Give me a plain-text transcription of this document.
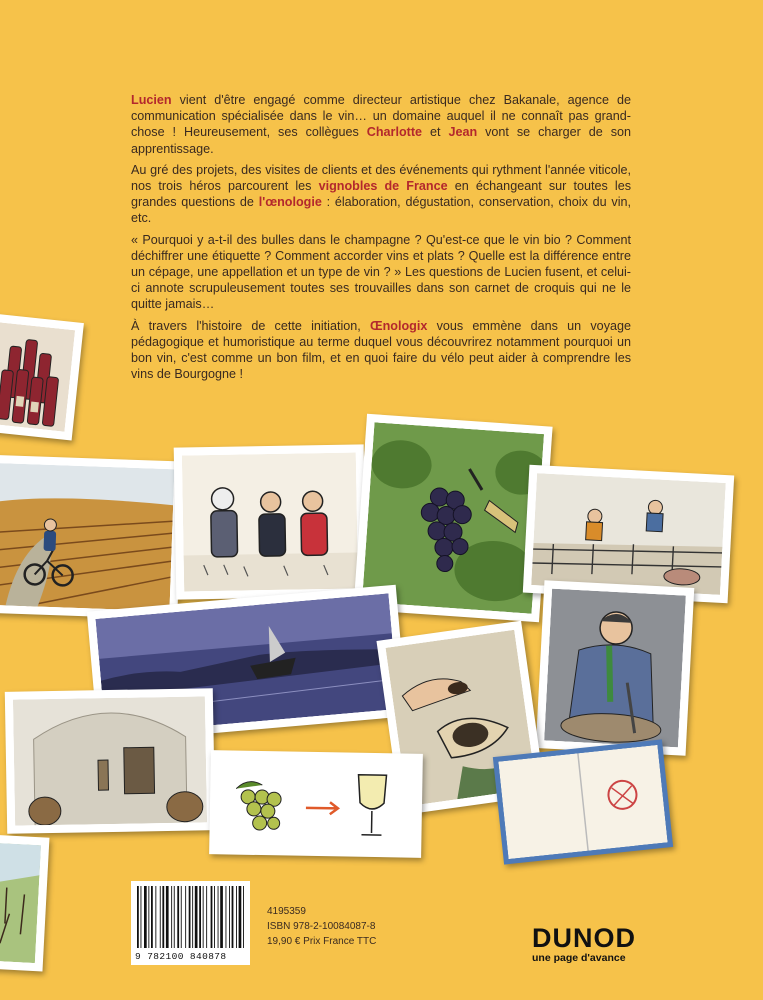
Lucien vient d'être engagé comme directeur artistique chez Bakanale, agence de communication spécialisée dans le vin… un domaine auquel il ne connaît pas grand-chose ! Heureusement, ses collègues Charlotte et Jean vont se charger de son apprentissage.

Au gré des projets, des visites de clients et des événements qui rythment l'année viticole, nos trois héros parcourent les vignobles de France en échangeant sur toutes les grandes questions de l'œnologie : élaboration, dégustation, conservation, choix du vin, etc.

« Pourquoi y a-t-il des bulles dans le champagne ? Qu'est-ce que le vin bio ? Comment déchiffrer une étiquette ? Comment accorder vins et plats ? Quelle est la différence entre un cépage, une appellation et un type de vin ? » Les questions de Lucien fusent, et celui-ci annote scrupuleusement toutes ses trouvailles dans son carnet de croquis qui ne le quitte jamais…

À travers l'histoire de cette initiation, Œnologix vous emmène dans un voyage pédagogique et humoristique au terme duquel vous découvrirez notamment pourquoi un bon vin, c'est comme un bon film, et en quoi faire du vélo peut aider à comprendre les vins de Bourgogne !

9 782100 840878
4195359
ISBN 978-2-10084087-8
19,90 € Prix France TTC	DUNOD
une page d'avance
